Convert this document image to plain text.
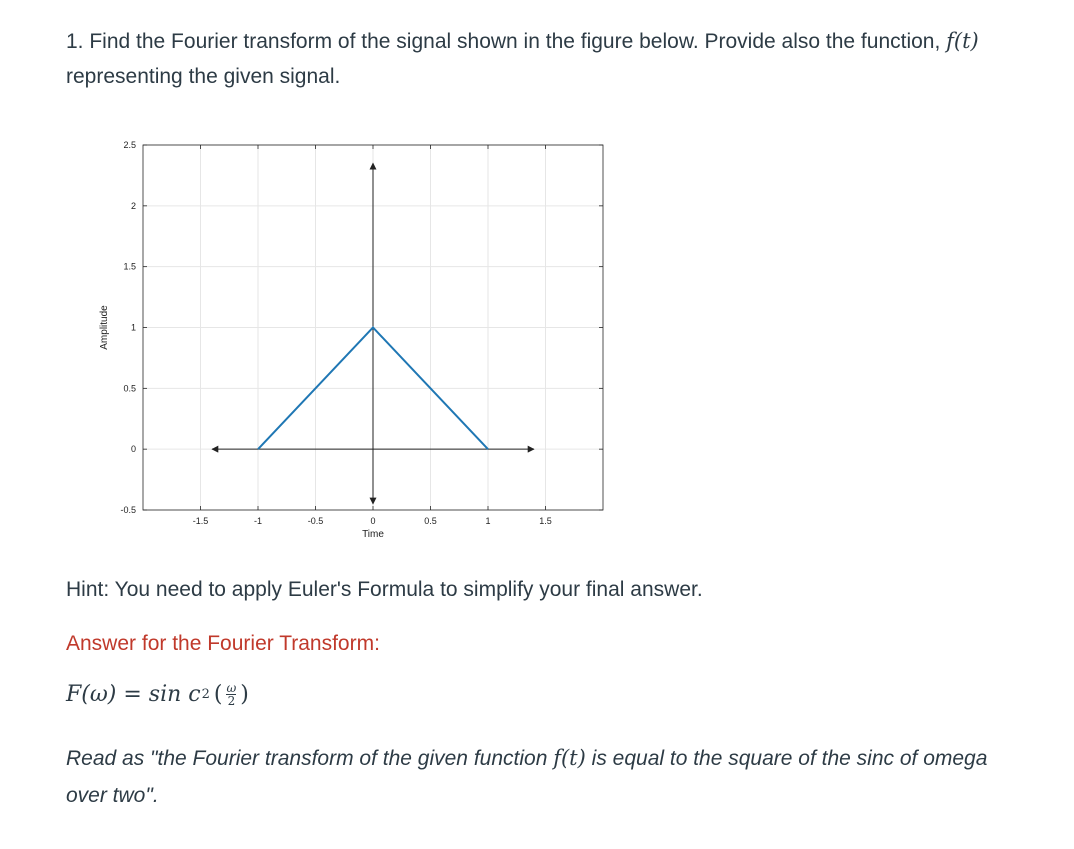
1. Find the Fourier transform of the signal shown in the figure below. Provide also the function, f(t) representing the given signal.

-1.5	-1	-0.5	0	0.5	1	1.5
-0.5
0
0.5
1
1.5
2
2.5
Time
Amplitude

Hint: You need to apply Euler's Formula to simplify your final answer.

Answer for the Fourier Transform:

F(ω) = sin c 2 ( $\frac{\omega}{2}$ )

Read as "the Fourier transform of the given function f(t) is equal to the square of the sinc of omega over two".
